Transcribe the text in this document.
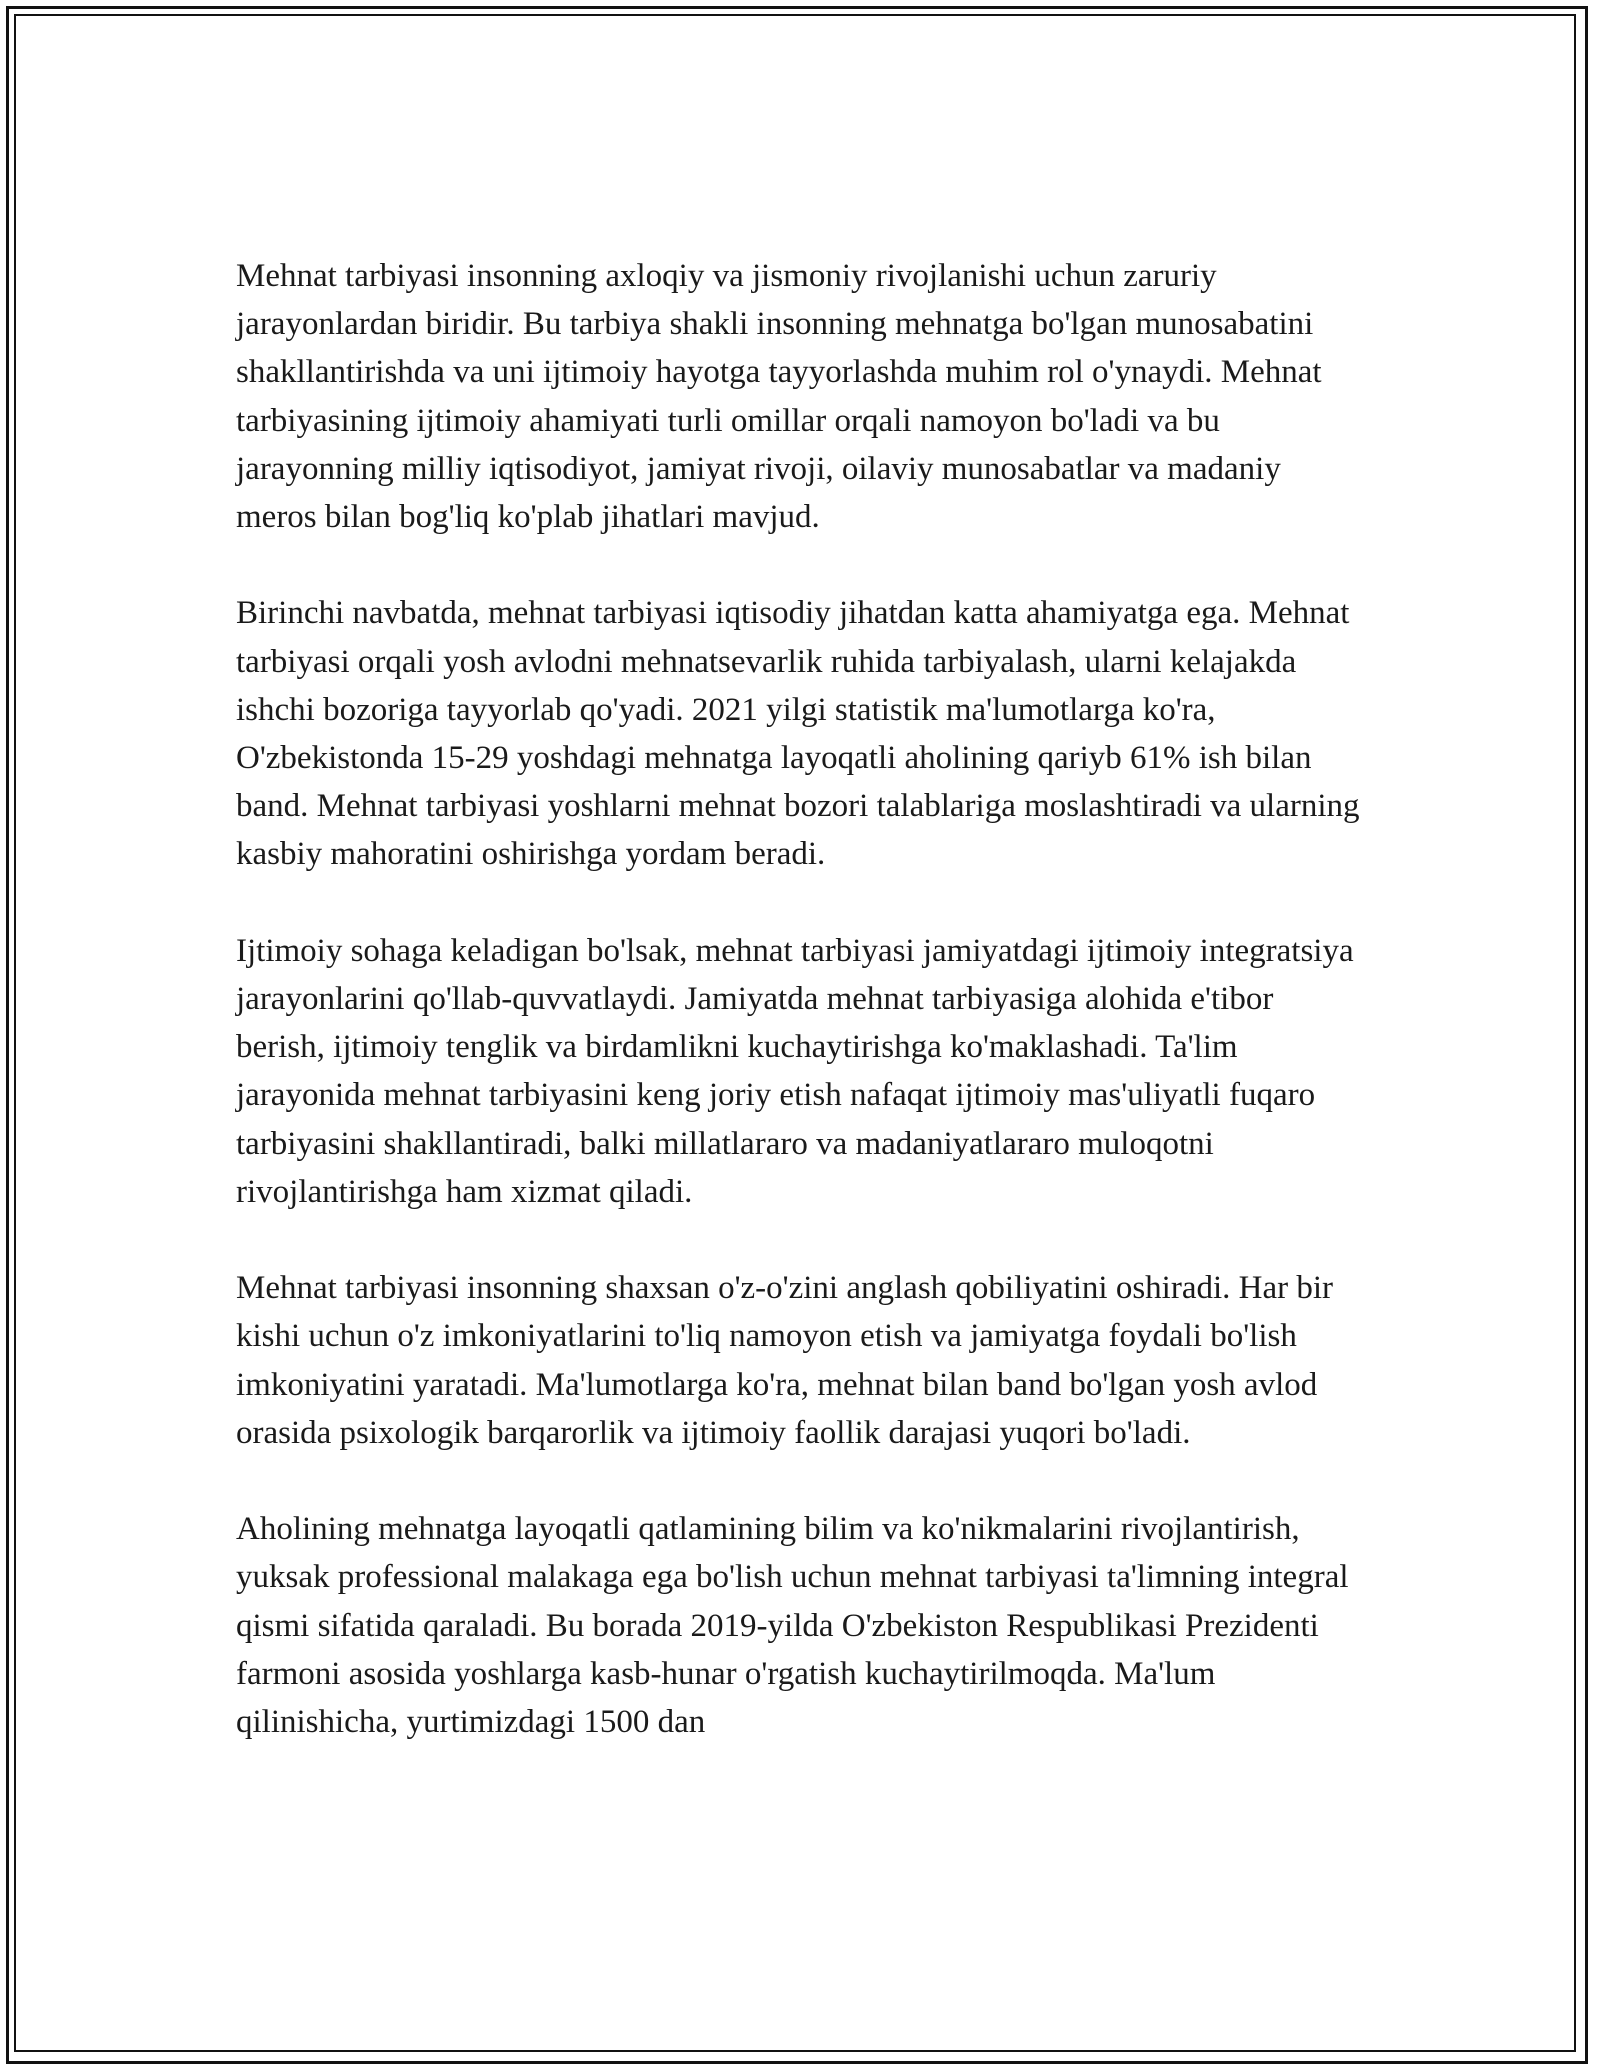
Mehnat tarbiyasi insonning axloqiy va jismoniy rivojlanishi uchun zaruriy jarayonlardan biridir. Bu tarbiya shakli insonning mehnatga bo'lgan munosabatini shakllantirishda va uni ijtimoiy hayotga tayyorlashda muhim rol o'ynaydi. Mehnat tarbiyasining ijtimoiy ahamiyati turli omillar orqali namoyon bo'ladi va bu jarayonning milliy iqtisodiyot, jamiyat rivoji, oilaviy munosabatlar va madaniy meros bilan bog'liq ko'plab jihatlari mavjud.

Birinchi navbatda, mehnat tarbiyasi iqtisodiy jihatdan katta ahamiyatga ega. Mehnat tarbiyasi orqali yosh avlodni mehnatsevarlik ruhida tarbiyalash, ularni kelajakda ishchi bozoriga tayyorlab qo'yadi. 2021 yilgi statistik ma'lumotlarga ko'ra, O'zbekistonda 15-29 yoshdagi mehnatga layoqatli aholining qariyb 61% ish bilan band. Mehnat tarbiyasi yoshlarni mehnat bozori talablariga moslashtiradi va ularning kasbiy mahoratini oshirishga yordam beradi.

Ijtimoiy sohaga keladigan bo'lsak, mehnat tarbiyasi jamiyatdagi ijtimoiy integratsiya jarayonlarini qo'llab-quvvatlaydi. Jamiyatda mehnat tarbiyasiga alohida e'tibor berish, ijtimoiy tenglik va birdamlikni kuchaytirishga ko'maklashadi. Ta'lim jarayonida mehnat tarbiyasini keng joriy etish nafaqat ijtimoiy mas'uliyatli fuqaro tarbiyasini shakllantiradi, balki millatlararo va madaniyatlararo muloqotni rivojlantirishga ham xizmat qiladi.

Mehnat tarbiyasi insonning shaxsan o'z-o'zini anglash qobiliyatini oshiradi. Har bir kishi uchun o'z imkoniyatlarini to'liq namoyon etish va jamiyatga foydali bo'lish imkoniyatini yaratadi. Ma'lumotlarga ko'ra, mehnat bilan band bo'lgan yosh avlod orasida psixologik barqarorlik va ijtimoiy faollik darajasi yuqori bo'ladi.

Aholining mehnatga layoqatli qatlamining bilim va ko'nikmalarini rivojlantirish, yuksak professional malakaga ega bo'lish uchun mehnat tarbiyasi ta'limning integral qismi sifatida qaraladi. Bu borada 2019-yilda O'zbekiston Respublikasi Prezidenti farmoni asosida yoshlarga kasb-hunar o'rgatish kuchaytirilmoqda. Ma'lum qilinishicha, yurtimizdagi 1500 dan
